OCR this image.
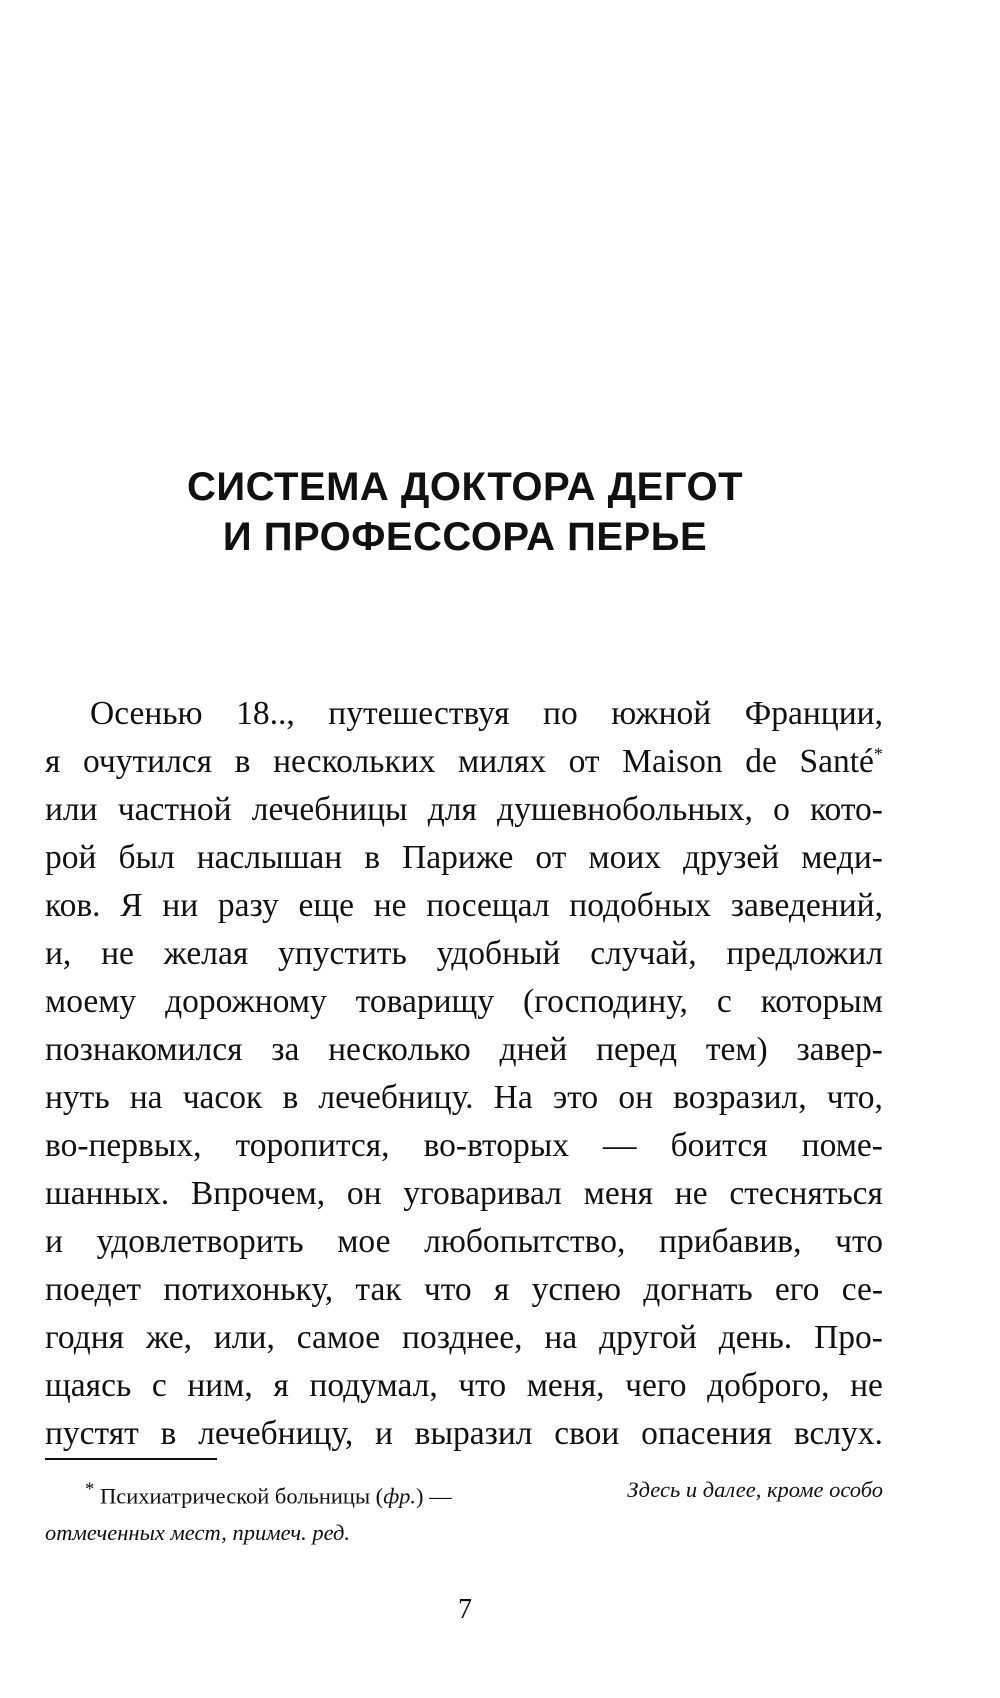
СИСТЕМА ДОКТОРА ДЕГОТ
И ПРОФЕССОРА ПЕРЬЕ
Осенью 18.., путешествуя по южной Франции,
я очутился в нескольких милях от Maison de Santé*
или частной лечебницы для душевнобольных, о кото-
рой был наслышан в Париже от моих друзей меди-
ков. Я ни разу еще не посещал подобных заведений,
и, не желая упустить удобный случай, предложил
моему дорожному товарищу (господину, с которым
познакомился за несколько дней перед тем) завер-
нуть на часок в лечебницу. На это он возразил, что,
во-первых, торопится, во-вторых — боится поме-
шанных. Впрочем, он уговаривал меня не стесняться
и удовлетворить мое любопытство, прибавив, что
поедет потихоньку, так что я успею догнать его се-
годня же, или, самое позднее, на другой день. Про-
щаясь с ним, я подумал, что меня, чего доброго, не
пустят в лечебницу, и выразил свои опасения вслух.
* Психиатрической больницы (фр.) —	Здесь и далее, кроме особо
отмеченных мест, примеч. ред.
7
